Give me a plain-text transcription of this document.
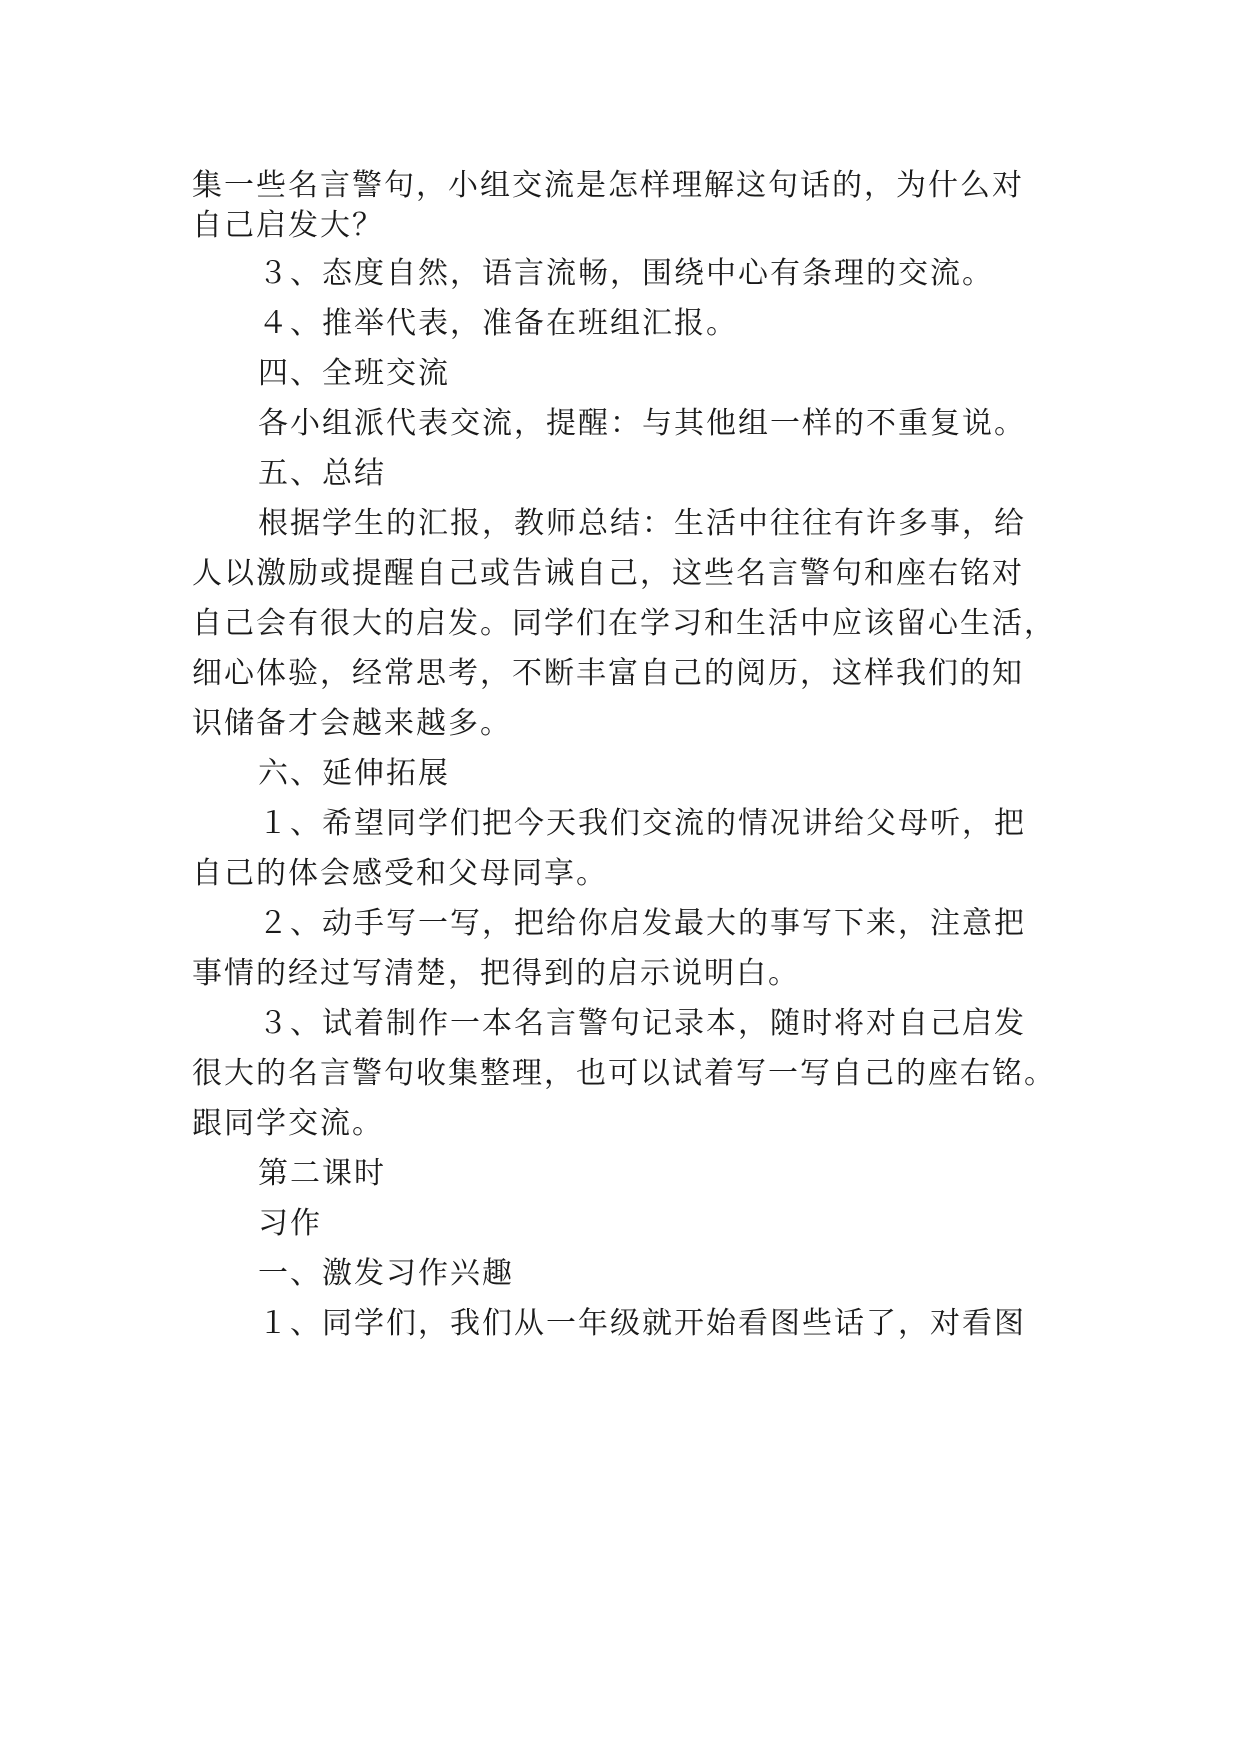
集一些名言警句，小组交流是怎样理解这句话的，为什么对

自己启发大？

３、态度自然，语言流畅，围绕中心有条理的交流。

４、推举代表，准备在班组汇报。

四、全班交流

各小组派代表交流，提醒：与其他组一样的不重复说。

五、总结

根据学生的汇报，教师总结：生活中往往有许多事，给

人以激励或提醒自己或告诫自己，这些名言警句和座右铭对

自己会有很大的启发。同学们在学习和生活中应该留心生活，

细心体验，经常思考，不断丰富自己的阅历，这样我们的知

识储备才会越来越多。

六、延伸拓展

１、希望同学们把今天我们交流的情况讲给父母听，把

自己的体会感受和父母同享。

２、动手写一写，把给你启发最大的事写下来，注意把

事情的经过写清楚，把得到的启示说明白。

３、试着制作一本名言警句记录本，随时将对自己启发

很大的名言警句收集整理，也可以试着写一写自己的座右铭。

跟同学交流。

第二课时

习作

一、激发习作兴趣

１、同学们，我们从一年级就开始看图些话了，对看图
